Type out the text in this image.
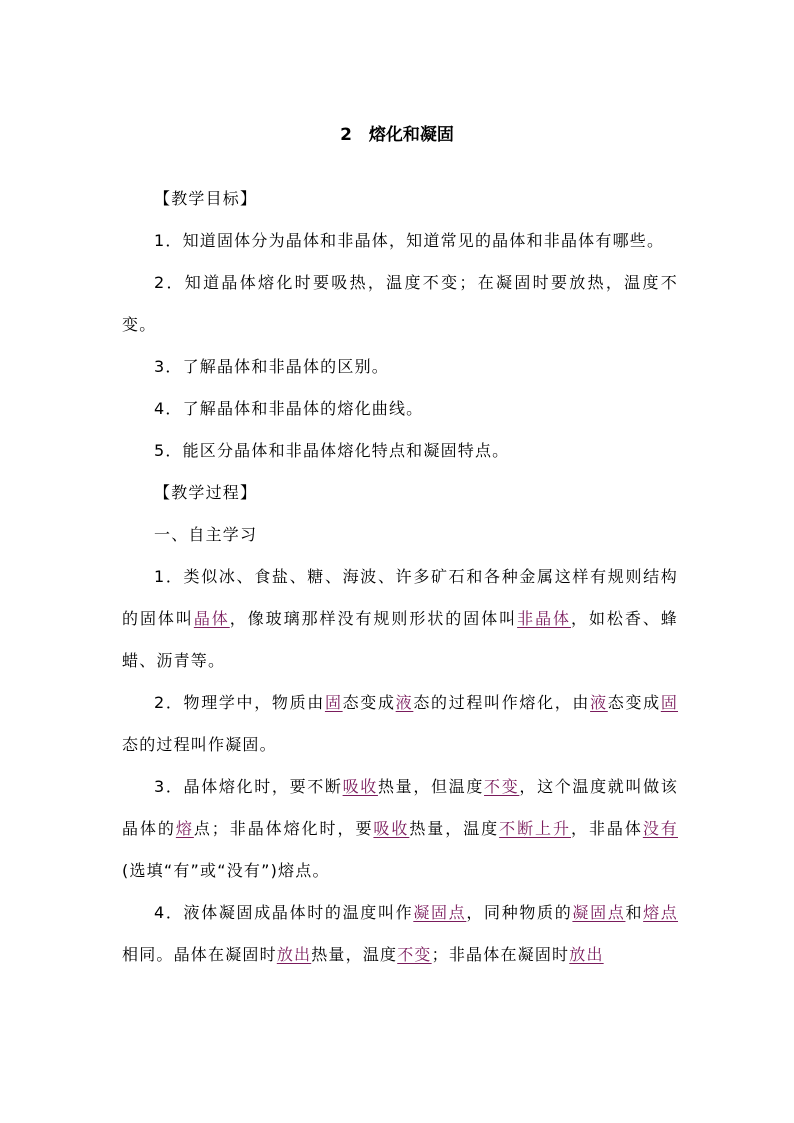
2　熔化和凝固

【教学目标】

1．知道固体分为晶体和非晶体，知道常见的晶体和非晶体有哪些。

2．知道晶体熔化时要吸热，温度不变；在凝固时要放热，温度不变。

3．了解晶体和非晶体的区别。

4．了解晶体和非晶体的熔化曲线。

5．能区分晶体和非晶体熔化特点和凝固特点。

【教学过程】

一、自主学习

1．类似冰、食盐、糖、海波、许多矿石和各种金属这样有规则结构的固体叫晶体，像玻璃那样没有规则形状的固体叫非晶体，如松香、蜂蜡、沥青等。

2．物理学中，物质由固态变成液态的过程叫作熔化，由液态变成固态的过程叫作凝固。

3．晶体熔化时，要不断吸收热量，但温度不变，这个温度就叫做该晶体的熔点；非晶体熔化时，要吸收热量，温度不断上升，非晶体没有(选填“有”或“没有”)熔点。

4．液体凝固成晶体时的温度叫作凝固点，同种物质的凝固点和熔点相同。晶体在凝固时放出热量，温度不变；非晶体在凝固时放出
